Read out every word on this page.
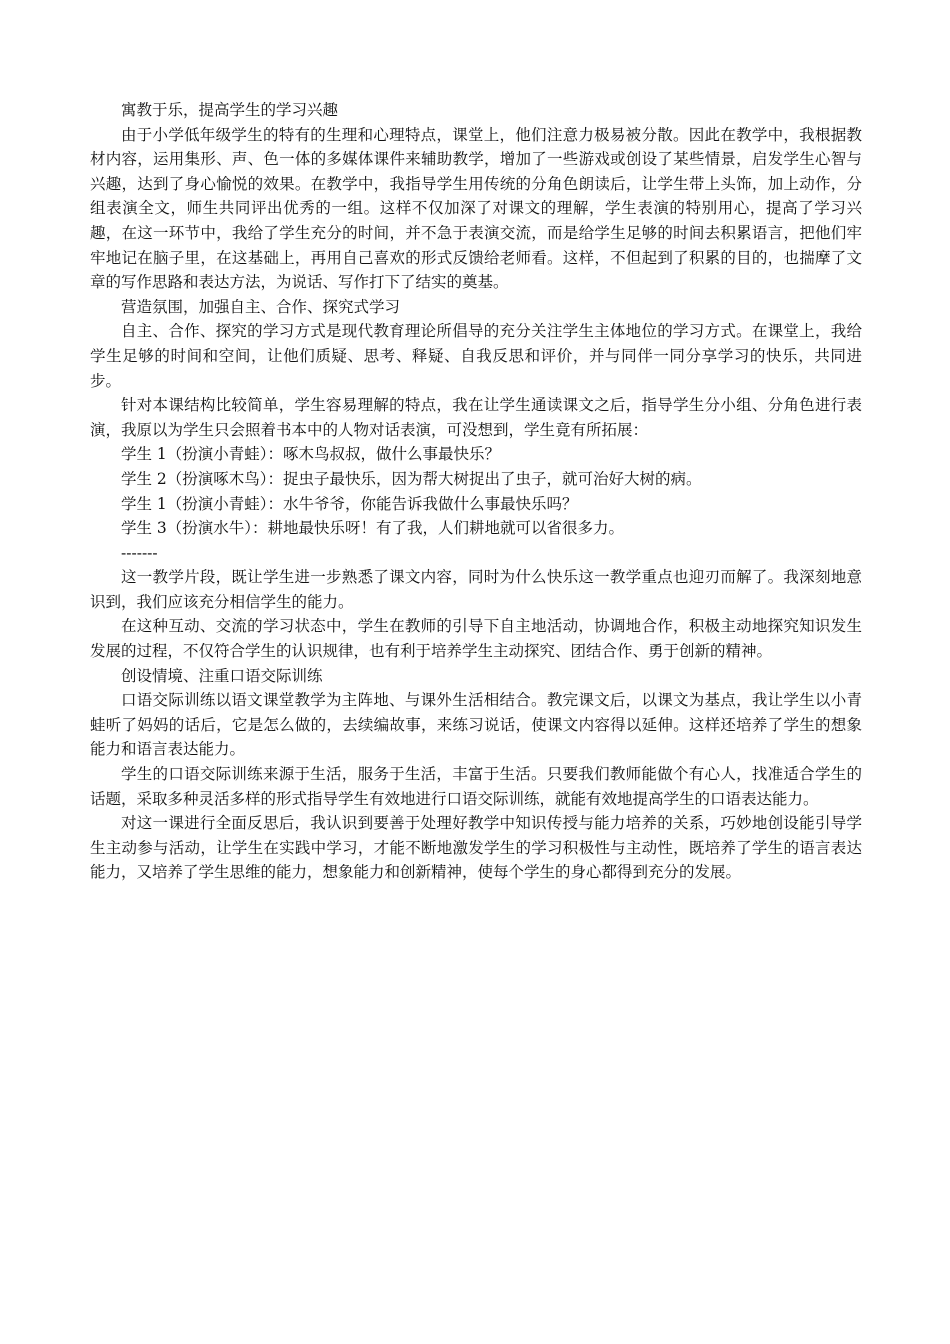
寓教于乐，提高学生的学习兴趣

由于小学低年级学生的特有的生理和心理特点，课堂上，他们注意力极易被分散。因此在教学中，我根据教材内容，运用集形、声、色一体的多媒体课件来辅助教学，增加了一些游戏或创设了某些情景，启发学生心智与兴趣，达到了身心愉悦的效果。在教学中，我指导学生用传统的分角色朗读后，让学生带上头饰，加上动作，分组表演全文，师生共同评出优秀的一组。这样不仅加深了对课文的理解，学生表演的特别用心，提高了学习兴趣，在这一环节中，我给了学生充分的时间，并不急于表演交流，而是给学生足够的时间去积累语言，把他们牢牢地记在脑子里，在这基础上，再用自己喜欢的形式反馈给老师看。这样，不但起到了积累的目的，也揣摩了文章的写作思路和表达方法，为说话、写作打下了结实的奠基。

营造氛围，加强自主、合作、探究式学习

自主、合作、探究的学习方式是现代教育理论所倡导的充分关注学生主体地位的学习方式。在课堂上，我给学生足够的时间和空间，让他们质疑、思考、释疑、自我反思和评价，并与同伴一同分享学习的快乐，共同进步。

针对本课结构比较简单，学生容易理解的特点，我在让学生通读课文之后，指导学生分小组、分角色进行表演，我原以为学生只会照着书本中的人物对话表演，可没想到，学生竟有所拓展：

学生 1（扮演小青蛙）：啄木鸟叔叔，做什么事最快乐？

学生 2（扮演啄木鸟）：捉虫子最快乐，因为帮大树捉出了虫子，就可治好大树的病。

学生 1（扮演小青蛙）：水牛爷爷，你能告诉我做什么事最快乐吗？

学生 3（扮演水牛）：耕地最快乐呀！有了我，人们耕地就可以省很多力。

-------

这一教学片段，既让学生进一步熟悉了课文内容，同时为什么快乐这一教学重点也迎刃而解了。我深刻地意识到，我们应该充分相信学生的能力。

在这种互动、交流的学习状态中，学生在教师的引导下自主地活动，协调地合作，积极主动地探究知识发生发展的过程，不仅符合学生的认识规律，也有利于培养学生主动探究、团结合作、勇于创新的精神。

创设情境、注重口语交际训练

口语交际训练以语文课堂教学为主阵地、与课外生活相结合。教完课文后，以课文为基点，我让学生以小青蛙听了妈妈的话后，它是怎么做的，去续编故事，来练习说话，使课文内容得以延伸。这样还培养了学生的想象能力和语言表达能力。

学生的口语交际训练来源于生活，服务于生活，丰富于生活。只要我们教师能做个有心人，找准适合学生的话题，采取多种灵活多样的形式指导学生有效地进行口语交际训练，就能有效地提高学生的口语表达能力。

对这一课进行全面反思后，我认识到要善于处理好教学中知识传授与能力培养的关系，巧妙地创设能引导学生主动参与活动，让学生在实践中学习，才能不断地激发学生的学习积极性与主动性，既培养了学生的语言表达能力，又培养了学生思维的能力，想象能力和创新精神，使每个学生的身心都得到充分的发展。
